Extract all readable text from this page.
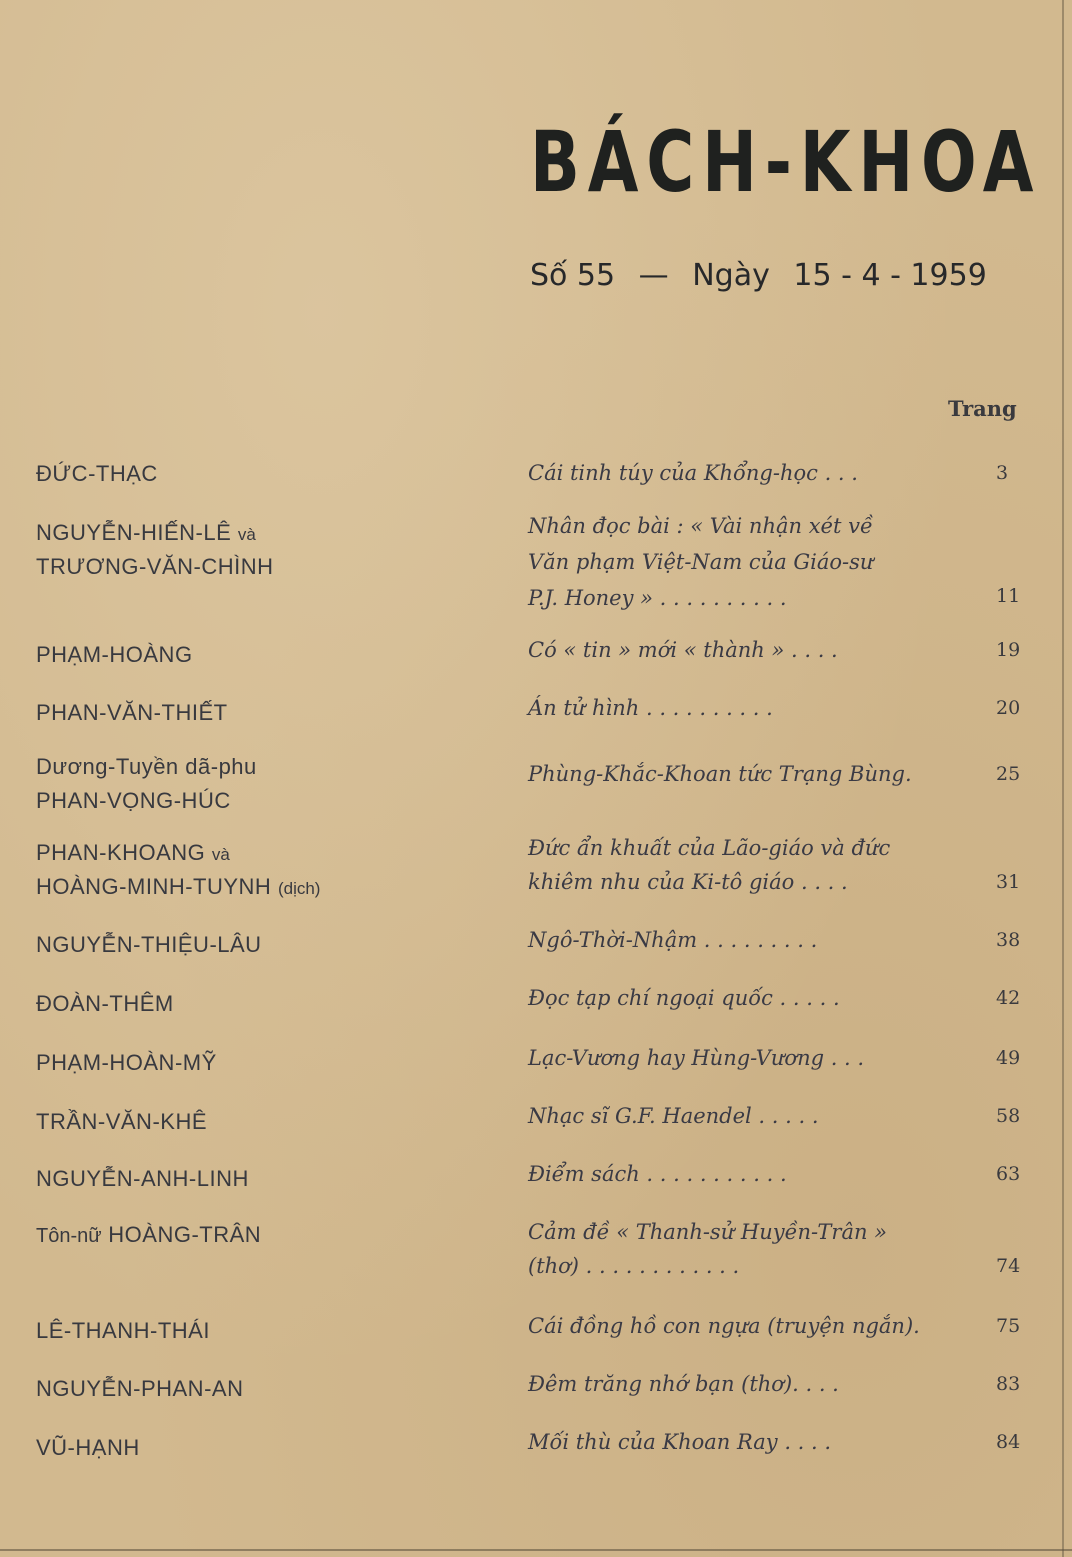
BÁCH-KHOA
Số 55 — Ngày 15 - 4 - 1959
Trang
ĐỨC-THẠC	Cái tinh túy của Khổng-học . . .	3
NGUYỄN-HIẾN-LÊ và
TRƯƠNG-VĂN-CHÌNH
Nhân đọc bài : « Vài nhận xét về
Văn phạm Việt-Nam của Giáo-sư
P.J. Honey » . . . . . . . . . .	11
PHẠM-HOÀNG	Có « tin » mới « thành » . . . .	19
PHAN-VĂN-THIẾT	Án tử hình . . . . . . . . . .	20
Dương-Tuyền dã-phu
PHAN-VỌNG-HÚC
Phùng-Khắc-Khoan tức Trạng Bùng.	25
PHAN-KHOANG và
HOÀNG-MINH-TUYNH (dịch)
Đức ẩn khuất của Lão-giáo và đức
khiêm nhu của Ki-tô giáo . . . .	31
NGUYỄN-THIỆU-LÂU	Ngô-Thời-Nhậm . . . . . . . . .	38
ĐOÀN-THÊM	Đọc tạp chí ngoại quốc . . . . .	42
PHẠM-HOÀN-MỸ	Lạc-Vương hay Hùng-Vương . . .	49
TRẦN-VĂN-KHÊ	Nhạc sĩ G.F. Haendel . . . . .	58
NGUYỄN-ANH-LINH	Điểm sách . . . . . . . . . . .	63
Tôn-nữ HOÀNG-TRÂN	Cảm đề « Thanh-sử Huyền-Trân »
(thơ) . . . . . . . . . . . .	74
LÊ-THANH-THÁI	Cái đồng hồ con ngựa (truyện ngắn).	75
NGUYỄN-PHAN-AN	Đêm trăng nhớ bạn (thơ). . . .	83
VŨ-HẠNH	Mối thù của Khoan Ray . . . .	84
